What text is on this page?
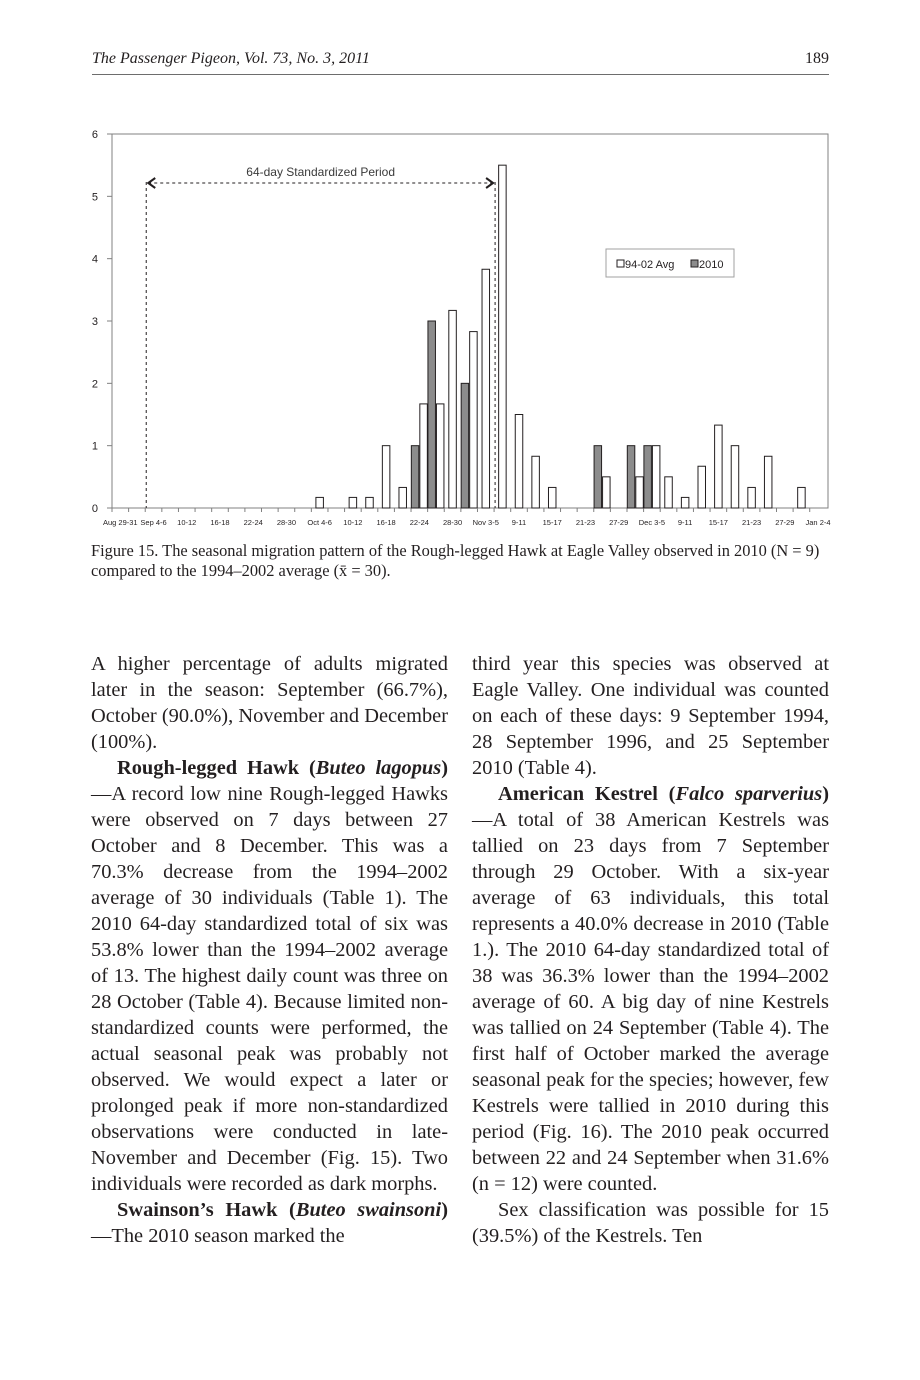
The Passenger Pigeon, Vol. 73, No. 3, 2011	189
0
1
2
3
4
5
6
Aug 29-31 Sep 4-6 10-12 16-18 22-24 28-30 Oct 4-6 10-12 16-18 22-24 28-30 Nov 3-5 9-11 15-17 21-23 27-29 Dec 3-5 9-11 15-17 21-23 27-29 Jan 2-4
64-day Standardized Period
94-02 Avg 2010
Figure 15. The seasonal migration pattern of the Rough-legged Hawk at Eagle Valley observed in 2010 (N = 9) compared to the 1994–2002 average (x̄ = 30).

A higher percentage of adults migrated later in the season: September (66.7%), October (90.0%), November and December (100%).

Rough-legged Hawk (Buteo lagopus)—A record low nine Rough-legged Hawks were observed on 7 days between 27 October and 8 December. This was a 70.3% decrease from the 1994–2002 average of 30 individuals (Table 1). The 2010 64-day standardized total of six was 53.8% lower than the 1994–2002 average of 13. The highest daily count was three on 28 October (Table 4). Because limited non-standardized counts were performed, the actual seasonal peak was probably not observed. We would expect a later or prolonged peak if more non-standardized observations were conducted in late-November and December (Fig. 15). Two individuals were recorded as dark morphs.

Swainson’s Hawk (Buteo swainsoni)—The 2010 season marked the

third year this species was observed at Eagle Valley. One individual was counted on each of these days: 9 September 1994, 28 September 1996, and 25 September 2010 (Table 4).

American Kestrel (Falco sparverius)—A total of 38 American Kestrels was tallied on 23 days from 7 September through 29 October. With a six-year average of 63 individuals, this total represents a 40.0% decrease in 2010 (Table 1.). The 2010 64-day standardized total of 38 was 36.3% lower than the 1994–2002 average of 60. A big day of nine Kestrels was tallied on 24 September (Table 4). The first half of October marked the average seasonal peak for the species; however, few Kestrels were tallied in 2010 during this period (Fig. 16). The 2010 peak occurred between 22 and 24 September when 31.6% (n = 12) were counted.

Sex classification was possible for 15 (39.5%) of the Kestrels. Ten
